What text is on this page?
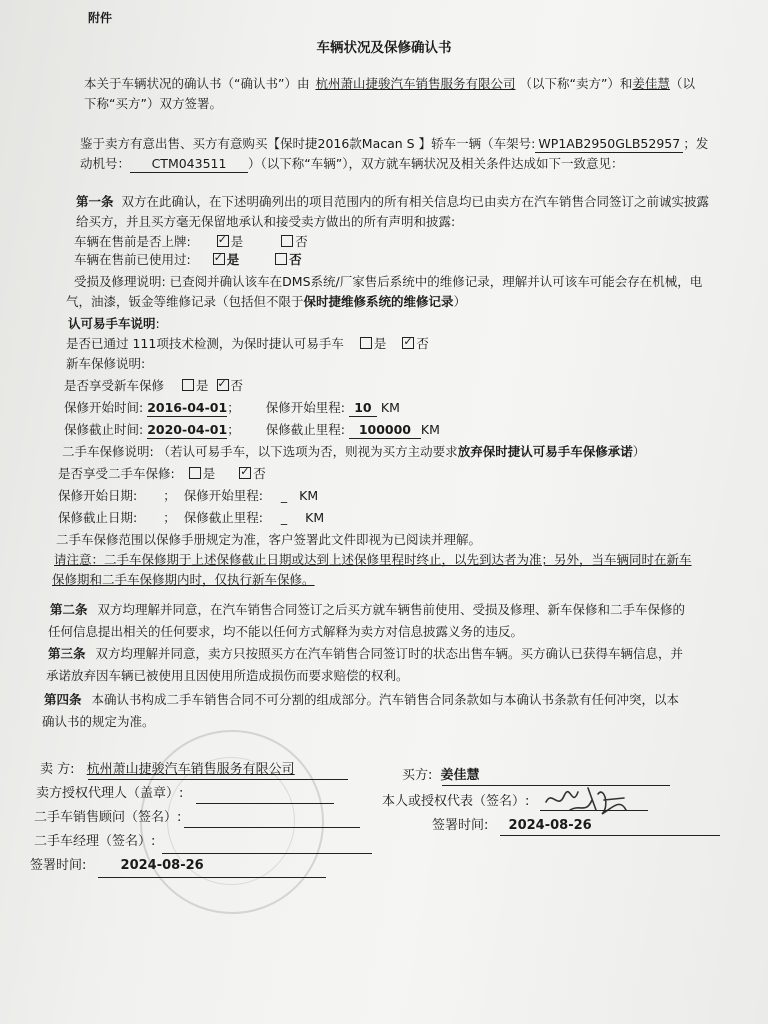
附件
车辆状况及保修确认书
本关于车辆状况的确认书（“确认书”）由 杭州萧山捷骏汽车销售服务有限公司 （以下称“卖方”）和姜佳慧（以
下称“买方”）双方签署。
鉴于卖方有意出售、买方有意购买【保时捷2016款Macan S 】轿车一辆（车架号: WP1AB2950GLB52957 ；发
动机号： CTM043511 ）（以下称“车辆”），双方就车辆状况及相关条件达成如下一致意见：
第一条 双方在此确认，在下述明确列出的项目范围内的所有相关信息均已由卖方在汽车销售合同签订之前诚实披露
给买方，并且买方毫无保留地承认和接受卖方做出的所有声明和披露:
车辆在售前是否上牌: ✓	是	否
车辆在售前已使用过: ✓	是	否
受损及修理说明: 已查阅并确认该车在DMS系统/厂家售后系统中的维修记录，理解并认可该车可能会存在机械，电
气，油漆，钣金等维修记录（包括但不限于保时捷维修系统的维修记录）
认可易手车说明:
是否已通过 111项技术检测，为保时捷认可易手车 是 ✓ 否
新车保修说明:
是否享受新车保修	是 ✓ 否
保修开始时间: 2016-04-01； 保修开始里程: 10 KM
保修截止时间: 2020-04-01； 保修截止里程: 100000 KM
二手车保修说明: （若认可易手车，以下选项为否，则视为买方主动要求放弃保时捷认可易手车保修承诺）
是否享受二手车保修: 是 ✓	否
保修开始日期: ； 保修开始里程: _ KM
保修截止日期: ； 保修截止里程: _ KM
二手车保修范围以保修手册规定为准，客户签署此文件即视为已阅读并理解。
请注意：二手车保修期于上述保修截止日期或达到上述保修里程时终止，以先到达者为准；另外，当车辆同时在新车
保修期和二手车保修期内时，仅执行新车保修。
第二条 双方均理解并同意，在汽车销售合同签订之后买方就车辆售前使用、受损及修理、新车保修和二手车保修的
任何信息提出相关的任何要求，均不能以任何方式解释为卖方对信息披露义务的违反。
第三条 双方均理解并同意，卖方只按照买方在汽车销售合同签订时的状态出售车辆。买方确认已获得车辆信息，并
承诺放弃因车辆已被使用且因使用所造成损伤而要求赔偿的权利。
第四条 本确认书构成二手车销售合同不可分割的组成部分。汽车销售合同条款如与本确认书条款有任何冲突，以本
确认书的规定为准。
卖 方: 杭州萧山捷骏汽车销售服务有限公司
卖方授权代理人（盖章）:
二手车销售顾问（签名）:
二手车经理（签名）:
签署时间:	2024-08-26
买方: 姜佳慧
本人或授权代表（签名）:
签署时间: 2024-08-26
